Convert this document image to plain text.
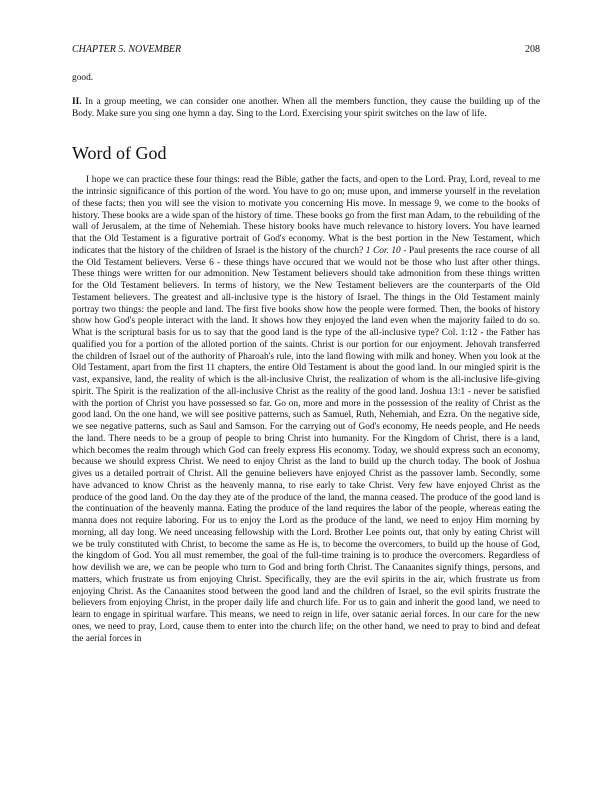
CHAPTER 5. NOVEMBER	208

good.

II. In a group meeting, we can consider one another. When all the members function, they cause the building up of the Body. Make sure you sing one hymn a day. Sing to the Lord. Exercising your spirit switches on the law of life.

Word of God

I hope we can practice these four things: read the Bible, gather the facts, and open to the Lord. Pray, Lord, reveal to me the intrinsic significance of this portion of the word. You have to go on; muse upon, and immerse yourself in the revelation of these facts; then you will see the vision to motivate you concerning His move. In message 9, we come to the books of history. These books are a wide span of the history of time. These books go from the first man Adam, to the rebuilding of the wall of Jerusalem, at the time of Nehemiah. These history books have much relevance to history lovers. You have learned that the Old Testament is a figurative portrait of God's economy. What is the best portion in the New Testament, which indicates that the history of the children of Israel is the history of the church? 1 Cor. 10 - Paul presents the race course of all the Old Testament believers. Verse 6 - these things have occured that we would not be those who lust after other things. These things were written for our admonition. New Testament believers should take admonition from these things written for the Old Testament believers. In terms of history, we the New Testament believers are the counterparts of the Old Testament believers. The greatest and all-inclusive type is the history of Israel. The things in the Old Testament mainly portray two things: the people and land. The first five books show how the people were formed. Then, the books of history show how God's people interact with the land. It shows how they enjoyed the land even when the majority failed to do so. What is the scriptural basis for us to say that the good land is the type of the all-inclusive type? Col. 1:12 - the Father has qualified you for a portion of the alloted portion of the saints. Christ is our portion for our enjoyment. Jehovah transferred the children of Israel out of the authority of Pharoah's rule, into the land flowing with milk and honey. When you look at the Old Testament, apart from the first 11 chapters, the entire Old Testament is about the good land. In our mingled spirit is the vast, expansive, land, the reality of which is the all-inclusive Christ, the realization of whom is the all-inclusive life-giving spirit. The Spirit is the realization of the all-inclusive Christ as the reality of the good land. Joshua 13:1 - never be satisfied with the portion of Christ you have possessed so far. Go on, more and more in the possession of the reality of Christ as the good land. On the one hand, we will see positive patterns, such as Samuel, Ruth, Nehemiah, and Ezra. On the negative side, we see negative patterns, such as Saul and Samson. For the carrying out of God's economy, He needs people, and He needs the land. There needs to be a group of people to bring Christ into humanity. For the Kingdom of Christ, there is a land, which becomes the realm through which God can freely express His economy. Today, we should express such an economy, because we should express Christ. We need to enjoy Christ as the land to build up the church today. The book of Joshua gives us a detailed portrait of Christ. All the genuine believers have enjoyed Christ as the passover lamb. Secondly, some have advanced to know Christ as the heavenly manna, to rise early to take Christ. Very few have enjoyed Christ as the produce of the good land. On the day they ate of the produce of the land, the manna ceased. The produce of the good land is the continuation of the heavenly manna. Eating the produce of the land requires the labor of the people, whereas eating the manna does not require laboring. For us to enjoy the Lord as the produce of the land, we need to enjoy Him morning by morning, all day long. We need unceasing fellowship with the Lord. Brother Lee points out, that only by eating Christ will we be truly constituted with Christ, to become the same as He is, to become the overcomers, to build up the house of God, the kingdom of God. You all must remember, the goal of the full-time training is to produce the overcomers. Regardless of how devilish we are, we can be people who turn to God and bring forth Christ. The Canaanites signify things, persons, and matters, which frustrate us from enjoying Christ. Specifically, they are the evil spirits in the air, which frustrate us from enjoying Christ. As the Canaanites stood between the good land and the children of Israel, so the evil spirits frustrate the believers from enjoying Christ, in the proper daily life and church life. For us to gain and inherit the good land, we need to learn to engage in spiritual warfare. This means, we need to reign in life, over satanic aerial forces. In our care for the new ones, we need to pray, Lord, cause them to enter into the church life; on the other hand, we need to pray to bind and defeat the aerial forces in
